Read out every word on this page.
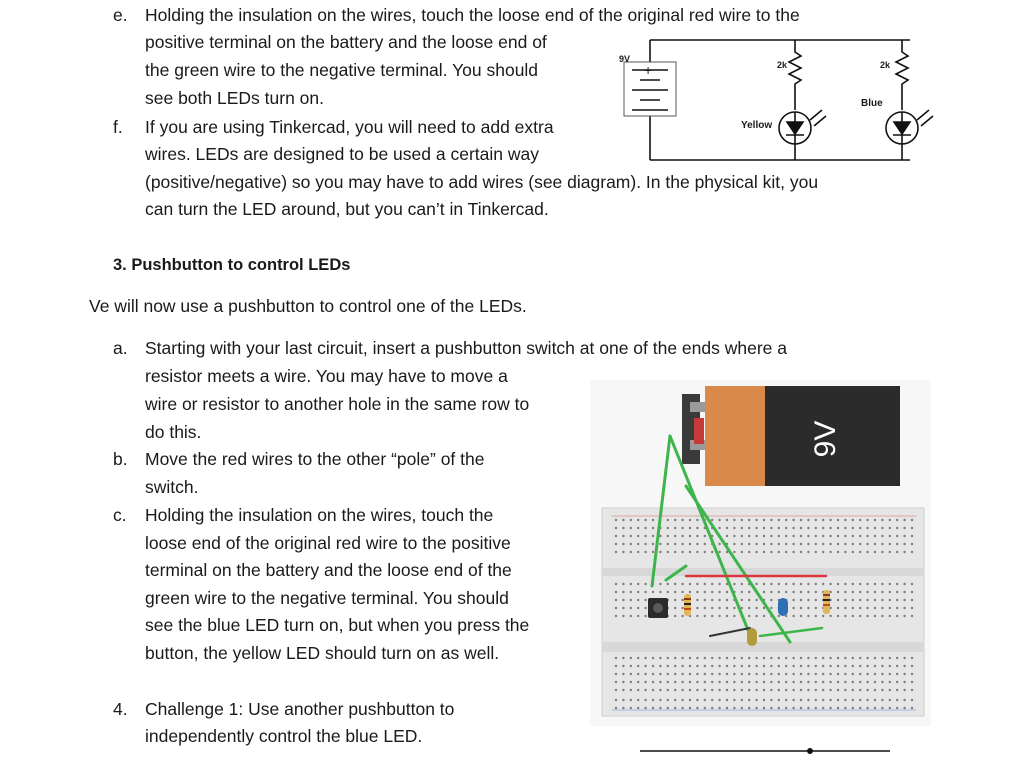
e. Holding the insulation on the wires, touch the loose end of the original red wire to the
positive terminal on the battery and the loose end of
the green wire to the negative terminal. You should
see both LEDs turn on.
f. If you are using Tinkercad, you will need to add extra
wires. LEDs are designed to be used a certain way
(positive/negative) so you may have to add wires (see diagram). In the physical kit, you
can turn the LED around, but you can’t in Tinkercad.
9V
+	2k	2k
Yellow
Blue
3. Pushbutton to control LEDs
Ve will now use a pushbutton to control one of the LEDs.
a. Starting with your last circuit, insert a pushbutton switch at one of the ends where a
resistor meets a wire. You may have to move a
wire or resistor to another hole in the same row to
do this.
b. Move the red wires to the other “pole” of the
switch.
c. Holding the insulation on the wires, touch the
loose end of the original red wire to the positive
terminal on the battery and the loose end of the
green wire to the negative terminal. You should
see the blue LED turn on, but when you press the
button, the yellow LED should turn on as well.
4. Challenge 1: Use another pushbutton to
independently control the blue LED.
9V
